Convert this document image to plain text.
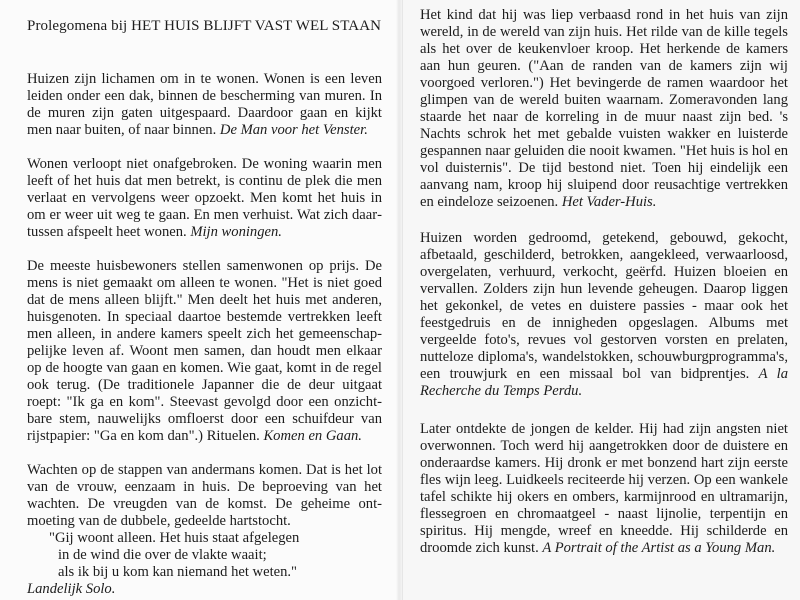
Prolegomena bij HET HUIS BLIJFT VAST WEL STAAN

Huizen zijn lichamen om in te wonen. Wonen is een leven leiden onder een dak, binnen de bescherming van muren. In de muren zijn gaten uitgespaard. Daardoor gaan en kijkt men naar buiten, of naar binnen. De Man voor het Venster.

Wonen verloopt niet onafgebroken. De woning waarin men leeft of het huis dat men betrekt, is continu de plek die men verlaat en vervolgens weer opzoekt. Men komt het huis in om er weer uit weg te gaan. En men verhuist. Wat zich daartussen afspeelt heet wonen. Mijn woningen.

De meeste huisbewoners stellen samenwonen op prijs. De mens is niet gemaakt om alleen te wonen. "Het is niet goed dat de mens alleen blijft." Men deelt het huis met anderen, huisgenoten. In speciaal daartoe bestemde vertrekken leeft men alleen, in andere kamers speelt zich het gemeenschappelijke leven af. Woont men samen, dan houdt men elkaar op de hoogte van gaan en komen. Wie gaat, komt in de regel ook terug. (De traditionele Japanner die de deur uitgaat roept: "Ik ga en kom". Steevast gevolgd door een onzichtbare stem, nauwelijks omfloerst door een schuifdeur van rijstpapier: "Ga en kom dan".) Rituelen. Komen en Gaan.

Wachten op de stappen van andermans komen. Dat is het lot van de vrouw, eenzaam in huis. De beproeving van het wachten. De vreugden van de komst. De geheime ontmoeting van de dubbele, gedeelde hartstocht.

"Gij woont alleen. Het huis staat afgelegen
in de wind die over de vlakte waait;
als ik bij u kom kan niemand het weten."
Landelijk Solo.

Het kind dat hij was liep verbaasd rond in het huis van zijn wereld, in de wereld van zijn huis. Het rilde van de kille tegels als het over de keukenvloer kroop. Het herkende de kamers aan hun geuren. ("Aan de randen van de kamers zijn wij voorgoed verloren.") Het bevingerde de ramen waardoor het glimpen van de wereld buiten waarnam. Zomeravonden lang staarde het naar de korreling in de muur naast zijn bed. 's Nachts schrok het met gebalde vuisten wakker en luisterde gespannen naar geluiden die nooit kwamen. "Het huis is hol en vol duisternis". De tijd bestond niet. Toen hij eindelijk een aanvang nam, kroop hij sluipend door reusachtige vertrekken en eindeloze seizoenen. Het Vader-Huis.

Huizen worden gedroomd, getekend, gebouwd, gekocht, afbetaald, geschilderd, betrokken, aangekleed, verwaarloosd, overgelaten, verhuurd, verkocht, geërfd. Huizen bloeien en vervallen. Zolders zijn hun levende geheugen. Daarop liggen het gekonkel, de vetes en duistere passies - maar ook het feestgedruis en de innigheden opgeslagen. Albums met vergeelde foto's, revues vol gestorven vorsten en prelaten, nutteloze diploma's, wandelstokken, schouwburgprogramma's, een trouwjurk en een missaal bol van bidprentjes. A la Recherche du Temps Perdu.

Later ontdekte de jongen de kelder. Hij had zijn angsten niet overwonnen. Toch werd hij aangetrokken door de duistere en onderaardse kamers. Hij dronk er met bonzend hart zijn eerste fles wijn leeg. Luidkeels reciteerde hij verzen. Op een wankele tafel schikte hij okers en ombers, karmijnrood en ultramarijn, flessegroen en chromaatgeel - naast lijnolie, terpentijn en spiritus. Hij mengde, wreef en kneedde. Hij schilderde en droomde zich kunst. A Portrait of the Artist as a Young Man.
